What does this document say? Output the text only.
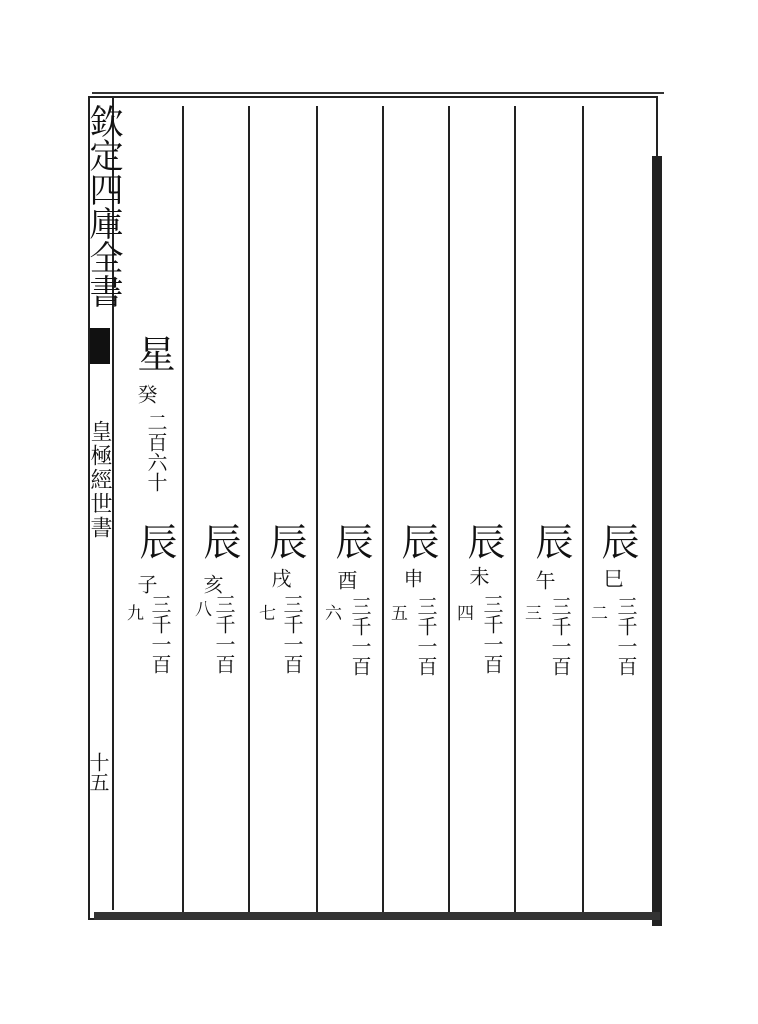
欽定四庫全書
皇極經世書
十五
星
癸
二百六十
辰
子
三千一百
九
辰
亥
三千一百
八
辰
戌
三千一百
七
辰
酉
三千一百
六
辰
申
三千一百
五
辰
未
三千一百
四
辰
午
三千一百
三
辰
巳
三千一百
二
